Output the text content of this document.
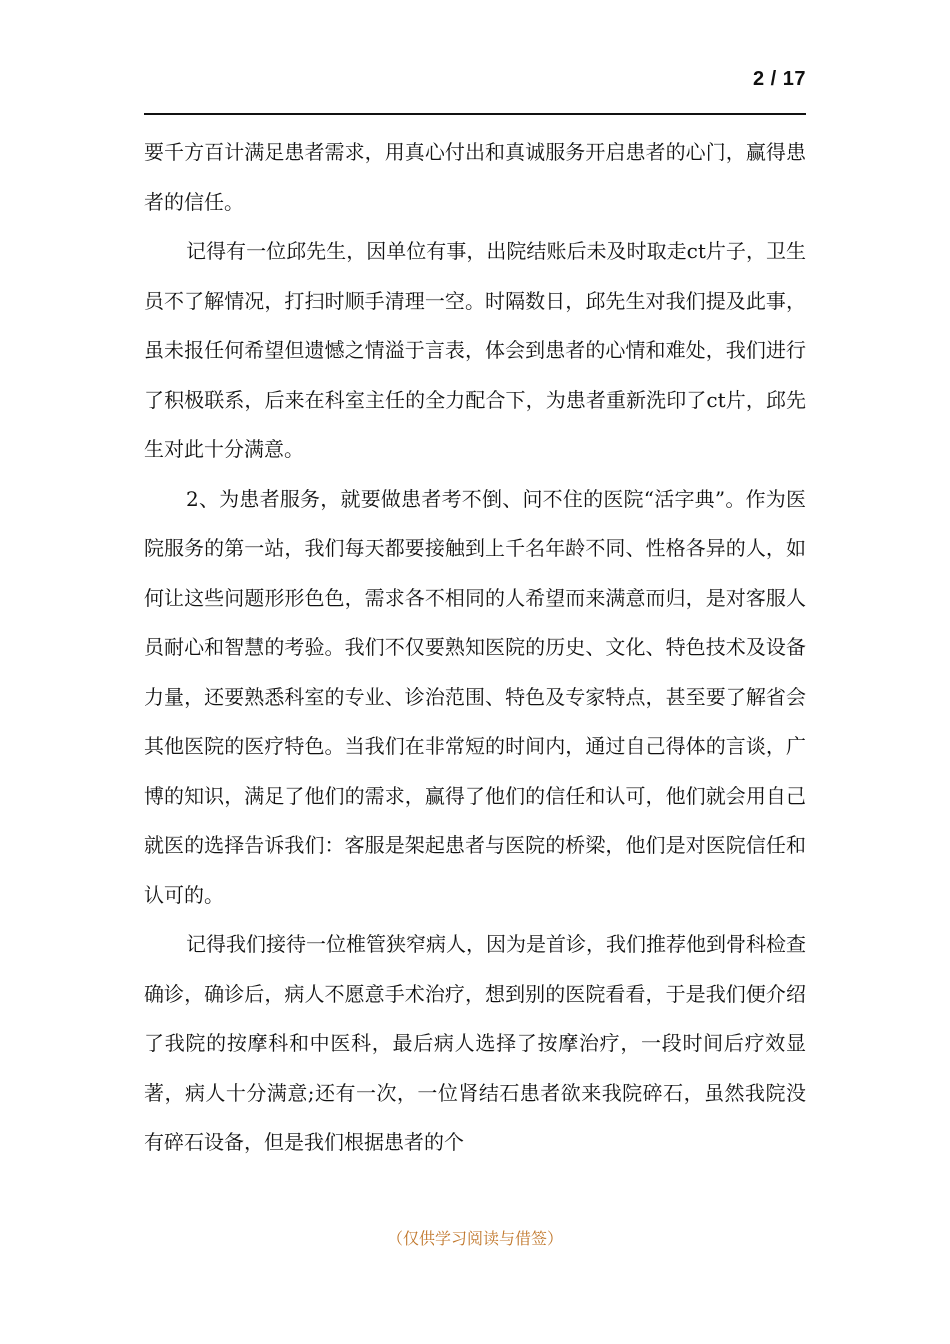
2 / 17

要千方百计满足患者需求，用真心付出和真诚服务开启患者的心门，赢得患者的信任。

记得有一位邱先生，因单位有事，出院结账后未及时取走ct片子，卫生员不了解情况，打扫时顺手清理一空。时隔数日，邱先生对我们提及此事，虽未报任何希望但遗憾之情溢于言表，体会到患者的心情和难处，我们进行了积极联系，后来在科室主任的全力配合下，为患者重新洗印了ct片，邱先生对此十分满意。

2、为患者服务，就要做患者考不倒、问不住的医院“活字典”。作为医院服务的第一站，我们每天都要接触到上千名年龄不同、性格各异的人，如何让这些问题形形色色，需求各不相同的人希望而来满意而归，是对客服人员耐心和智慧的考验。我们不仅要熟知医院的历史、文化、特色技术及设备力量，还要熟悉科室的专业、诊治范围、特色及专家特点，甚至要了解省会其他医院的医疗特色。当我们在非常短的时间内，通过自己得体的言谈，广博的知识，满足了他们的需求，赢得了他们的信任和认可，他们就会用自己就医的选择告诉我们：客服是架起患者与医院的桥梁，他们是对医院信任和认可的。

记得我们接待一位椎管狭窄病人，因为是首诊，我们推荐他到骨科检查确诊，确诊后，病人不愿意手术治疗，想到别的医院看看，于是我们便介绍了我院的按摩科和中医科，最后病人选择了按摩治疗，一段时间后疗效显著，病人十分满意;还有一次，一位肾结石患者欲来我院碎石，虽然我院没有碎石设备，但是我们根据患者的个

（仅供学习阅读与借签）
